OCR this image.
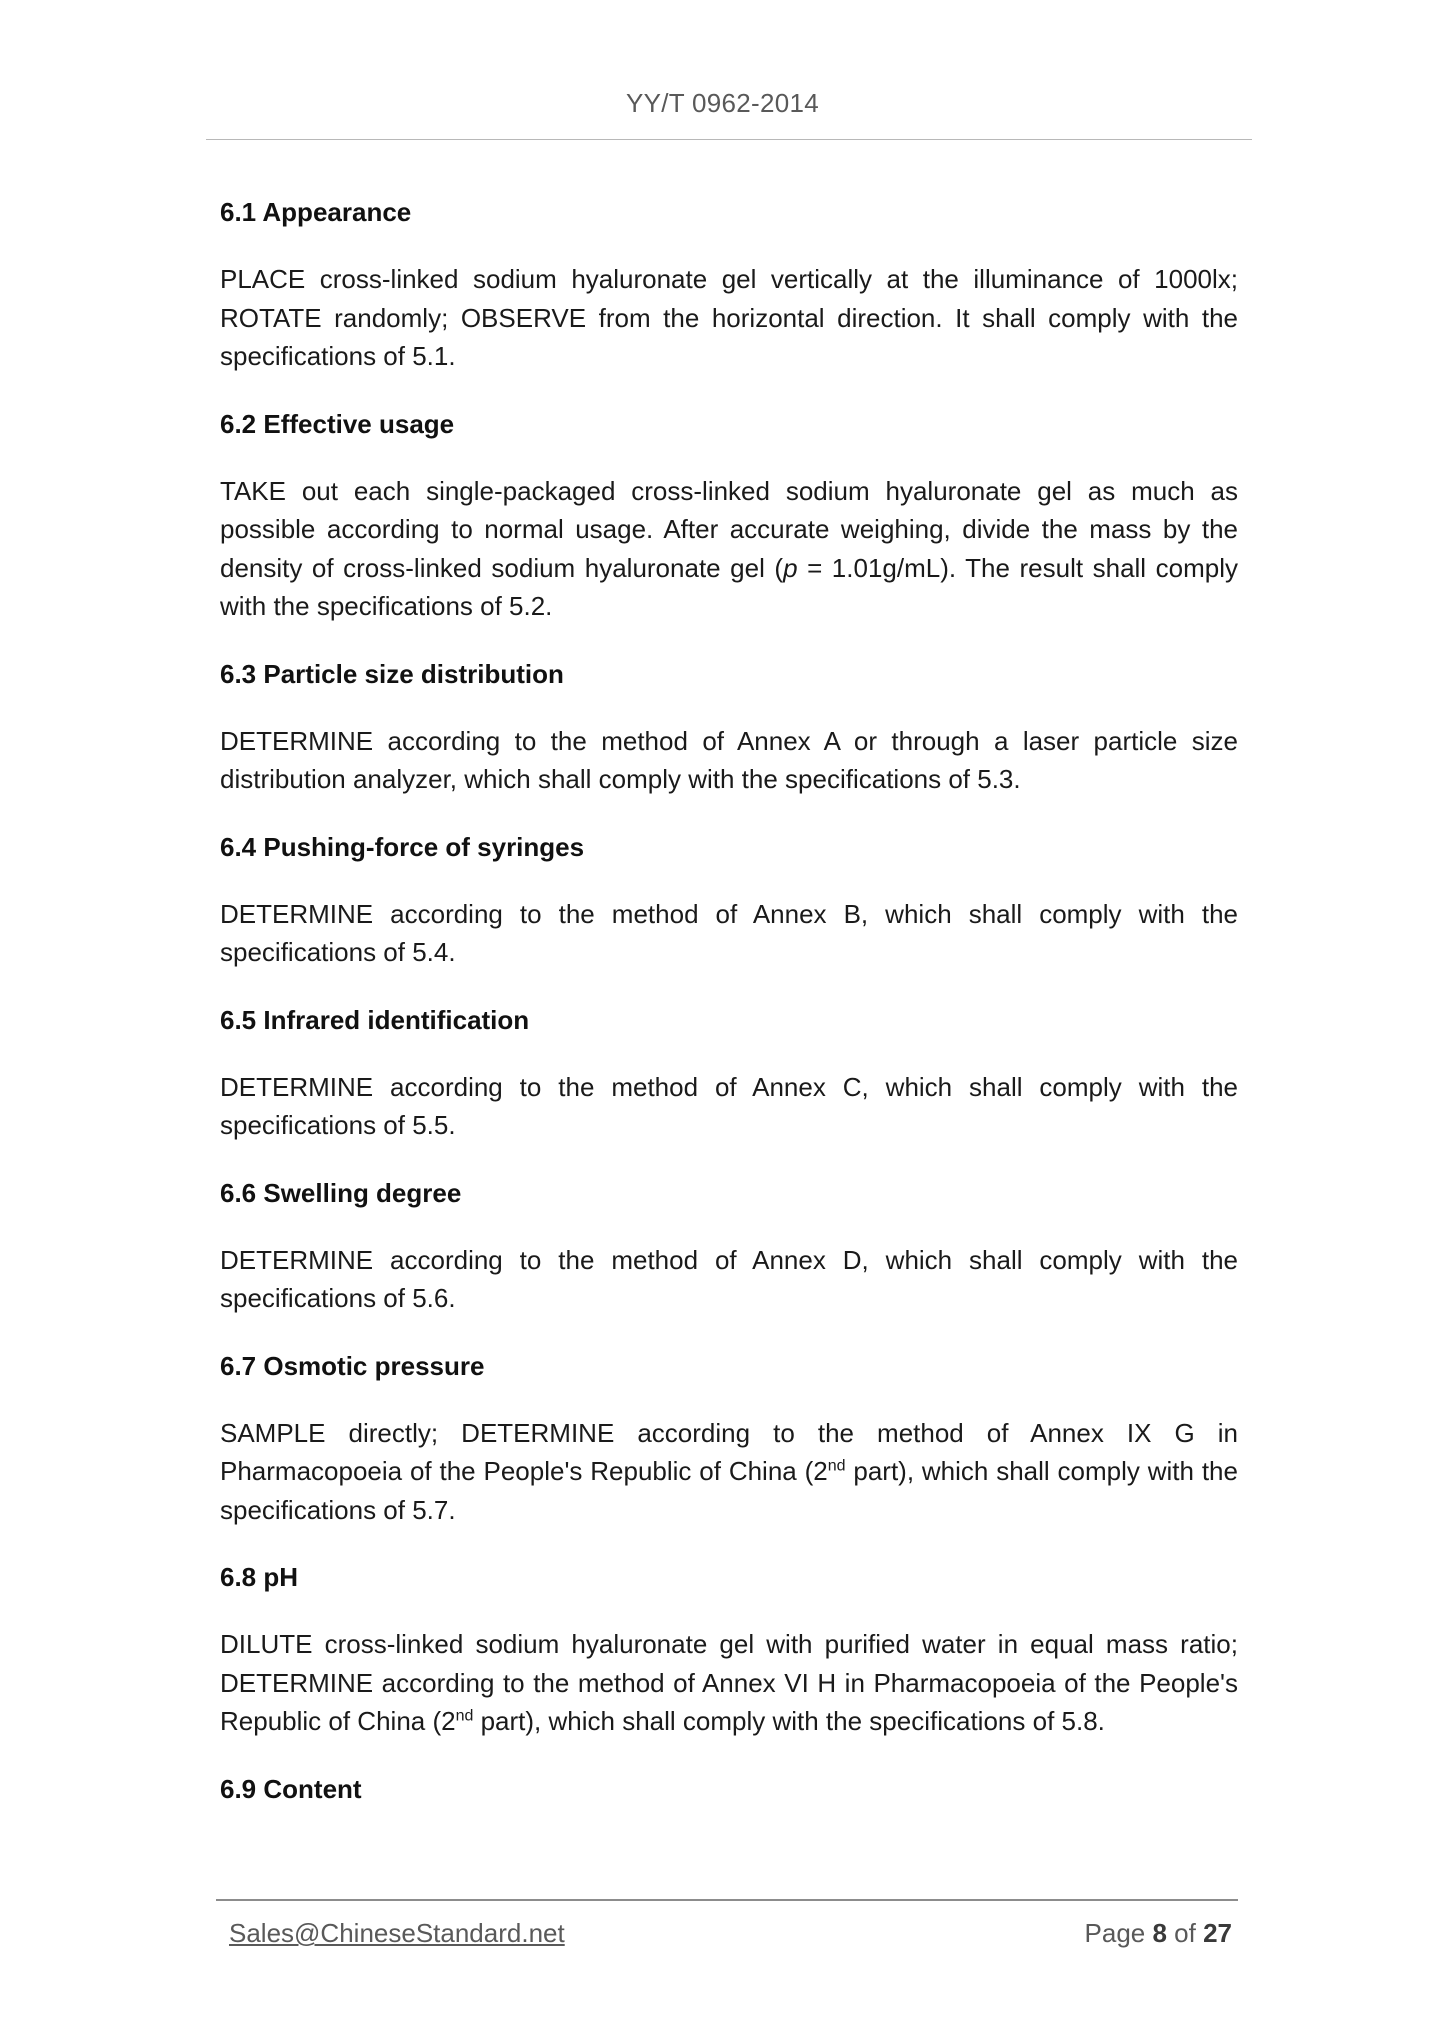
YY/T 0962-2014

6.1 Appearance

PLACE cross-linked sodium hyaluronate gel vertically at the illuminance of 1000lx; ROTATE randomly; OBSERVE from the horizontal direction. It shall comply with the specifications of 5.1.

6.2 Effective usage

TAKE out each single-packaged cross-linked sodium hyaluronate gel as much as possible according to normal usage. After accurate weighing, divide the mass by the density of cross-linked sodium hyaluronate gel (p = 1.01g/mL). The result shall comply with the specifications of 5.2.

6.3 Particle size distribution

DETERMINE according to the method of Annex A or through a laser particle size distribution analyzer, which shall comply with the specifications of 5.3.

6.4 Pushing-force of syringes

DETERMINE according to the method of Annex B, which shall comply with the specifications of 5.4.

6.5 Infrared identification

DETERMINE according to the method of Annex C, which shall comply with the specifications of 5.5.

6.6 Swelling degree

DETERMINE according to the method of Annex D, which shall comply with the specifications of 5.6.

6.7 Osmotic pressure

SAMPLE directly; DETERMINE according to the method of Annex IX G in Pharmacopoeia of the People's Republic of China (2nd part), which shall comply with the specifications of 5.7.

6.8 pH

DILUTE cross-linked sodium hyaluronate gel with purified water in equal mass ratio; DETERMINE according to the method of Annex VI H in Pharmacopoeia of the People's Republic of China (2nd part), which shall comply with the specifications of 5.8.

6.9 Content

Sales@ChineseStandard.net	Page 8 of 27
